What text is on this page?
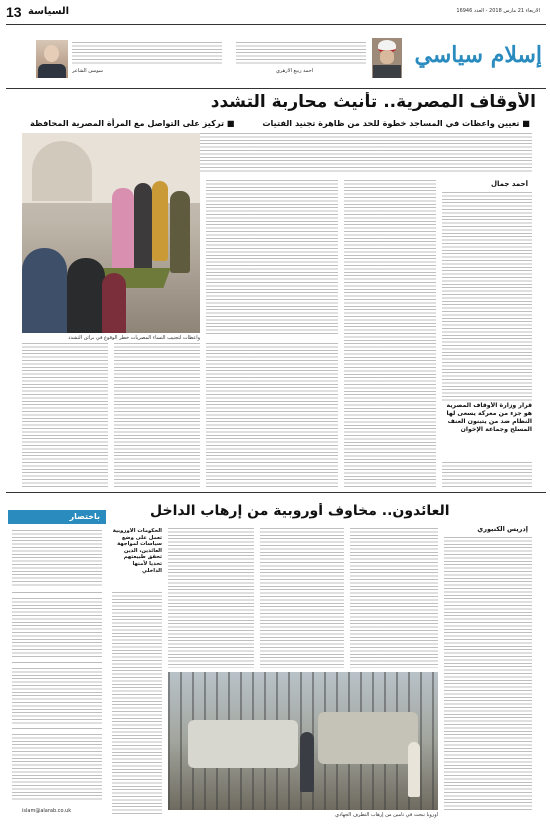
13 السياسة	الأربعاء 21 مارس 2018 - العدد 16946
سوسن الشاعر	أحمد ربيع الأزهري
إسلام سياسي
الأوقاف المصرية.. تأنيث محاربة التشدد
■ تعيين واعظات في المساجد خطوة للحد من ظاهرة تجنيد الفتيات
■ تركيز على التواصل مع المرأة المصرية المحافظة
واعظات لتجنيب النساء المصريات خطر الوقوع في براثن التشدد
أحمد جمال
قرار وزارة الأوقاف المصرية هو جزء من معركة يسعى لها النظام ضد من يتبنون العنف المسلح وجماعة الإخوان
العائدون.. مخاوف أوروبية من إرهاب الداخل
إدريس الكنبوري
الحكومات الأوروبية تعمل على وضع سياسات لمواجهة العائدين، الذين تحقق طبيعتهم تحديا لأمنها الداخلي
أوروبا تبحث في تأمين من إرهاب التطرف الجهادي
باختصار
islam@alarab.co.uk
